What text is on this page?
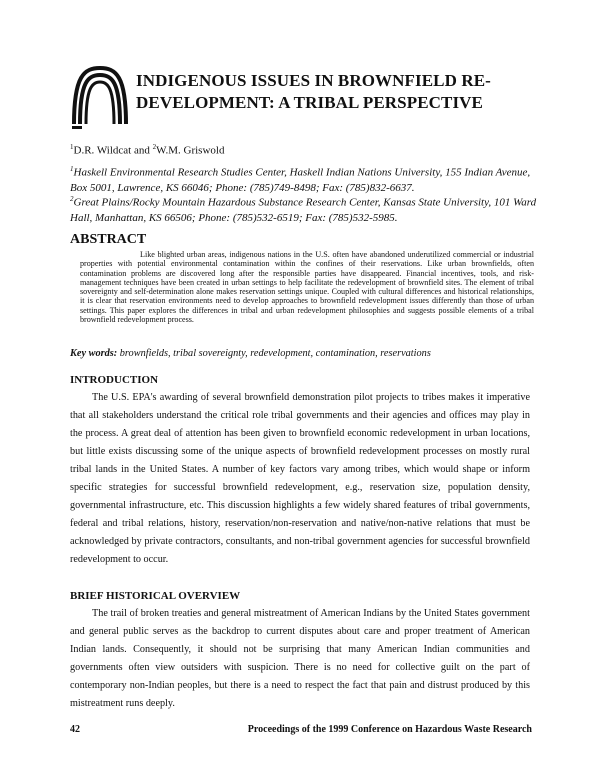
INDIGENOUS ISSUES IN BROWNFIELD RE-DEVELOPMENT: A TRIBAL PERSPECTIVE
$^1$D.R. Wildcat and $^2$W.M. Griswold

$^1$Haskell Environmental Research Studies Center, Haskell Indian Nations University, 155 Indian Avenue, Box 5001, Lawrence, KS 66046; Phone: (785)749-8498; Fax: (785)832-6637.

$^2$Great Plains/Rocky Mountain Hazardous Substance Research Center, Kansas State University, 101 Ward Hall, Manhattan, KS 66506; Phone: (785)532-6519; Fax: (785)532-5985.

ABSTRACT

Like blighted urban areas, indigenous nations in the U.S. often have abandoned underutilized commercial or industrial properties with potential environmental contamination within the confines of their reservations. Like urban brownfields, often contamination problems are discovered long after the responsible parties have disappeared. Financial incentives, tools, and risk-management techniques have been created in urban settings to help facilitate the redevelopment of brownfield sites. The element of tribal sovereignty and self-determination alone makes reservation settings unique. Coupled with cultural differences and historical relationships, it is clear that reservation environments need to develop approaches to brownfield redevelopment issues differently than those of urban settings. This paper explores the differences in tribal and urban redevelopment philosophies and suggests possible elements of a tribal brownfield redevelopment process.

Key words: brownfields, tribal sovereignty, redevelopment, contamination, reservations

INTRODUCTION

The U.S. EPA's awarding of several brownfield demonstration pilot projects to tribes makes it imperative that all stakeholders understand the critical role tribal governments and their agencies and offices may play in the process. A great deal of attention has been given to brownfield economic redevelopment in urban locations, but little exists discussing some of the unique aspects of brownfield redevelopment processes on mostly rural tribal lands in the United States. A number of key factors vary among tribes, which would shape or inform specific strategies for successful brownfield redevelopment, e.g., reservation size, population density, governmental infrastructure, etc. This discussion highlights a few widely shared features of tribal governments, federal and tribal relations, history, reservation/non-reservation and native/non-native relations that must be acknowledged by private contractors, consultants, and non-tribal government agencies for successful brownfield redevelopment to occur.

BRIEF HISTORICAL OVERVIEW

The trail of broken treaties and general mistreatment of American Indians by the United States government and general public serves as the backdrop to current disputes about care and proper treatment of American Indian lands. Consequently, it should not be surprising that many American Indian communities and governments often view outsiders with suspicion. There is no need for collective guilt on the part of contemporary non-Indian peoples, but there is a need to respect the fact that pain and distrust produced by this mistreatment runs deeply.

42	Proceedings of the 1999 Conference on Hazardous Waste Research
